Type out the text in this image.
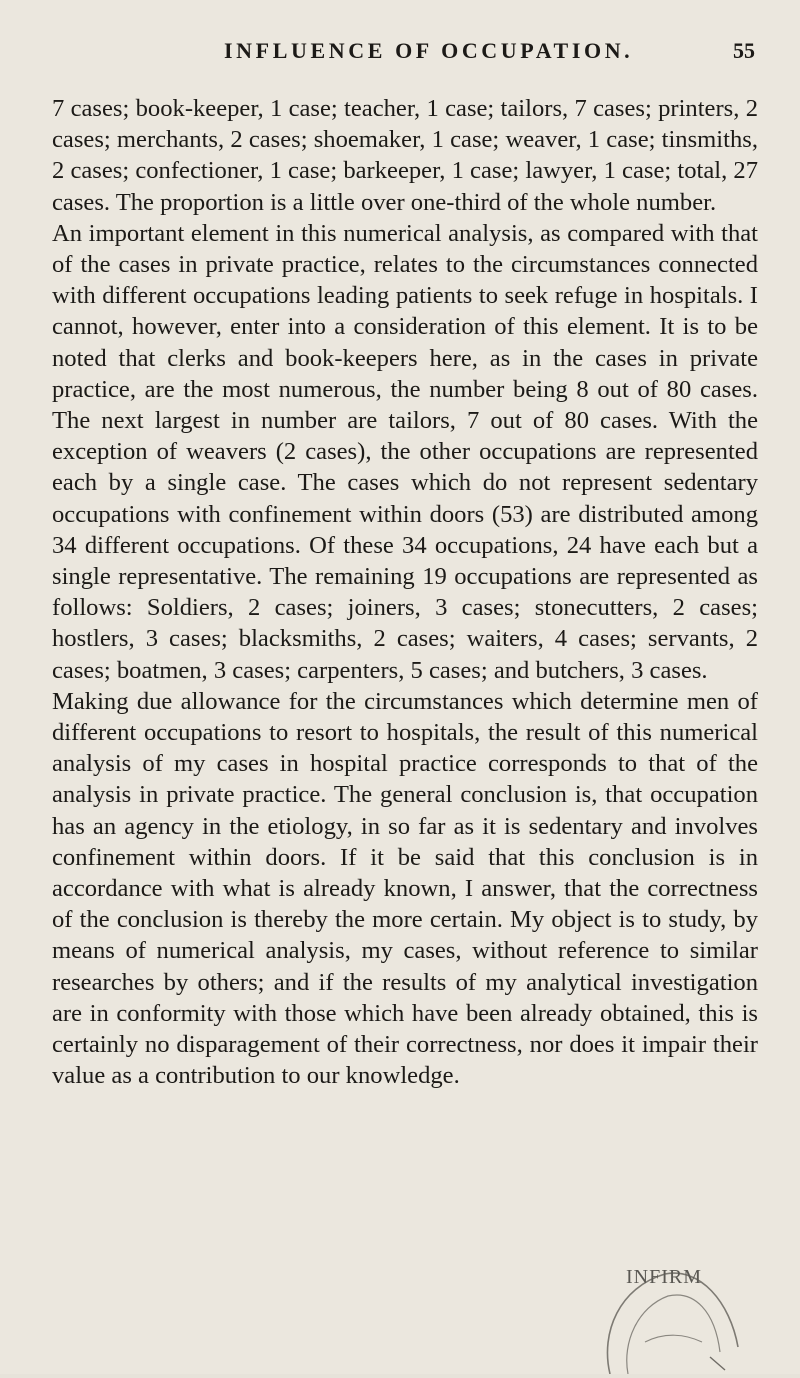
INFLUENCE OF OCCUPATION.	55

7 cases; book-keeper, 1 case; teacher, 1 case; tailors, 7 cases; printers, 2 cases; merchants, 2 cases; shoemaker, 1 case; weaver, 1 case; tinsmiths, 2 cases; confectioner, 1 case; barkeeper, 1 case; lawyer, 1 case; total, 27 cases. The proportion is a little over one-third of the whole number.

An important element in this numerical analysis, as compared with that of the cases in private practice, relates to the circumstances connected with different occupations leading patients to seek refuge in hospitals. I cannot, however, enter into a consideration of this element. It is to be noted that clerks and book-keepers here, as in the cases in private practice, are the most numerous, the number being 8 out of 80 cases. The next largest in number are tailors, 7 out of 80 cases. With the exception of weavers (2 cases), the other occupations are represented each by a single case. The cases which do not represent sedentary occupations with confinement within doors (53) are distributed among 34 different occupations. Of these 34 occupations, 24 have each but a single representative. The remaining 19 occupations are represented as follows: Soldiers, 2 cases; joiners, 3 cases; stonecutters, 2 cases; hostlers, 3 cases; blacksmiths, 2 cases; waiters, 4 cases; servants, 2 cases; boatmen, 3 cases; carpenters, 5 cases; and butchers, 3 cases.

Making due allowance for the circumstances which determine men of different occupations to resort to hospitals, the result of this numerical analysis of my cases in hospital practice corresponds to that of the analysis in private practice. The general conclusion is, that occupation has an agency in the etiology, in so far as it is sedentary and involves confinement within doors. If it be said that this conclusion is in accordance with what is already known, I answer, that the correctness of the conclusion is thereby the more certain. My object is to study, by means of numerical analysis, my cases, without reference to similar researches by others; and if the results of my analytical investigation are in conformity with those which have been already obtained, this is certainly no disparagement of their correctness, nor does it impair their value as a contribution to our knowledge.

INFIRM
